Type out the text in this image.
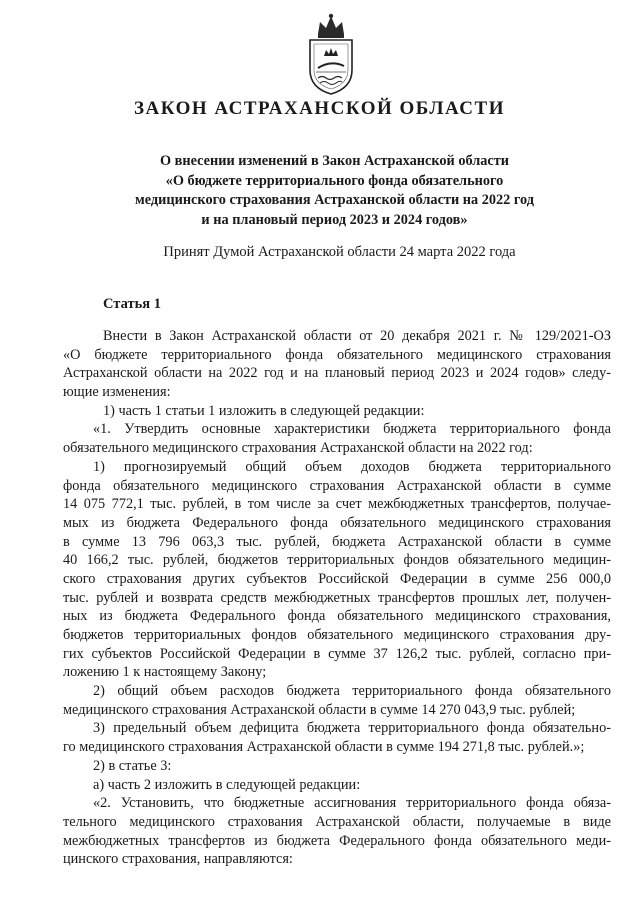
ЗАКОН АСТРАХАНСКОЙ ОБЛАСТИ
О внесении изменений в Закон Астраханской области
«О бюджете территориального фонда обязательного
медицинского страхования Астраханской области на 2022 год
и на плановый период 2023 и 2024 годов»

Принят Думой Астраханской области 24 марта 2022 года

Статья 1

Внести в Закон Астраханской области от 20 декабря 2021 г. № 129/2021-ОЗ
«О бюджете территориального фонда обязательного медицинского страхования
Астраханской области на 2022 год и на плановый период 2023 и 2024 годов» следу-
ющие изменения:
1) часть 1 статьи 1 изложить в следующей редакции:
«1. Утвердить основные характеристики бюджета территориального фонда
обязательного медицинского страхования Астраханской области на 2022 год:
1) прогнозируемый общий объем доходов бюджета территориального
фонда обязательного медицинского страхования Астраханской области в сумме
14 075 772,1 тыс. рублей, в том числе за счет межбюджетных трансфертов, получае-
мых из бюджета Федерального фонда обязательного медицинского страхования
в сумме 13 796 063,3 тыс. рублей, бюджета Астраханской области в сумме
40 166,2 тыс. рублей, бюджетов территориальных фондов обязательного медицин-
ского страхования других субъектов Российской Федерации в сумме 256 000,0
тыс. рублей и возврата средств межбюджетных трансфертов прошлых лет, получен-
ных из бюджета Федерального фонда обязательного медицинского страхования,
бюджетов территориальных фондов обязательного медицинского страхования дру-
гих субъектов Российской Федерации в сумме 37 126,2 тыс. рублей, согласно при-
ложению 1 к настоящему Закону;
2) общий объем расходов бюджета территориального фонда обязательного
медицинского страхования Астраханской области в сумме 14 270 043,9 тыс. рублей;
3) предельный объем дефицита бюджета территориального фонда обязательно-
го медицинского страхования Астраханской области в сумме 194 271,8 тыс. рублей.»;
2) в статье 3:
а) часть 2 изложить в следующей редакции:
«2. Установить, что бюджетные ассигнования территориального фонда обяза-
тельного медицинского страхования Астраханской области, получаемые в виде
межбюджетных трансфертов из бюджета Федерального фонда обязательного меди-
цинского страхования, направляются:
